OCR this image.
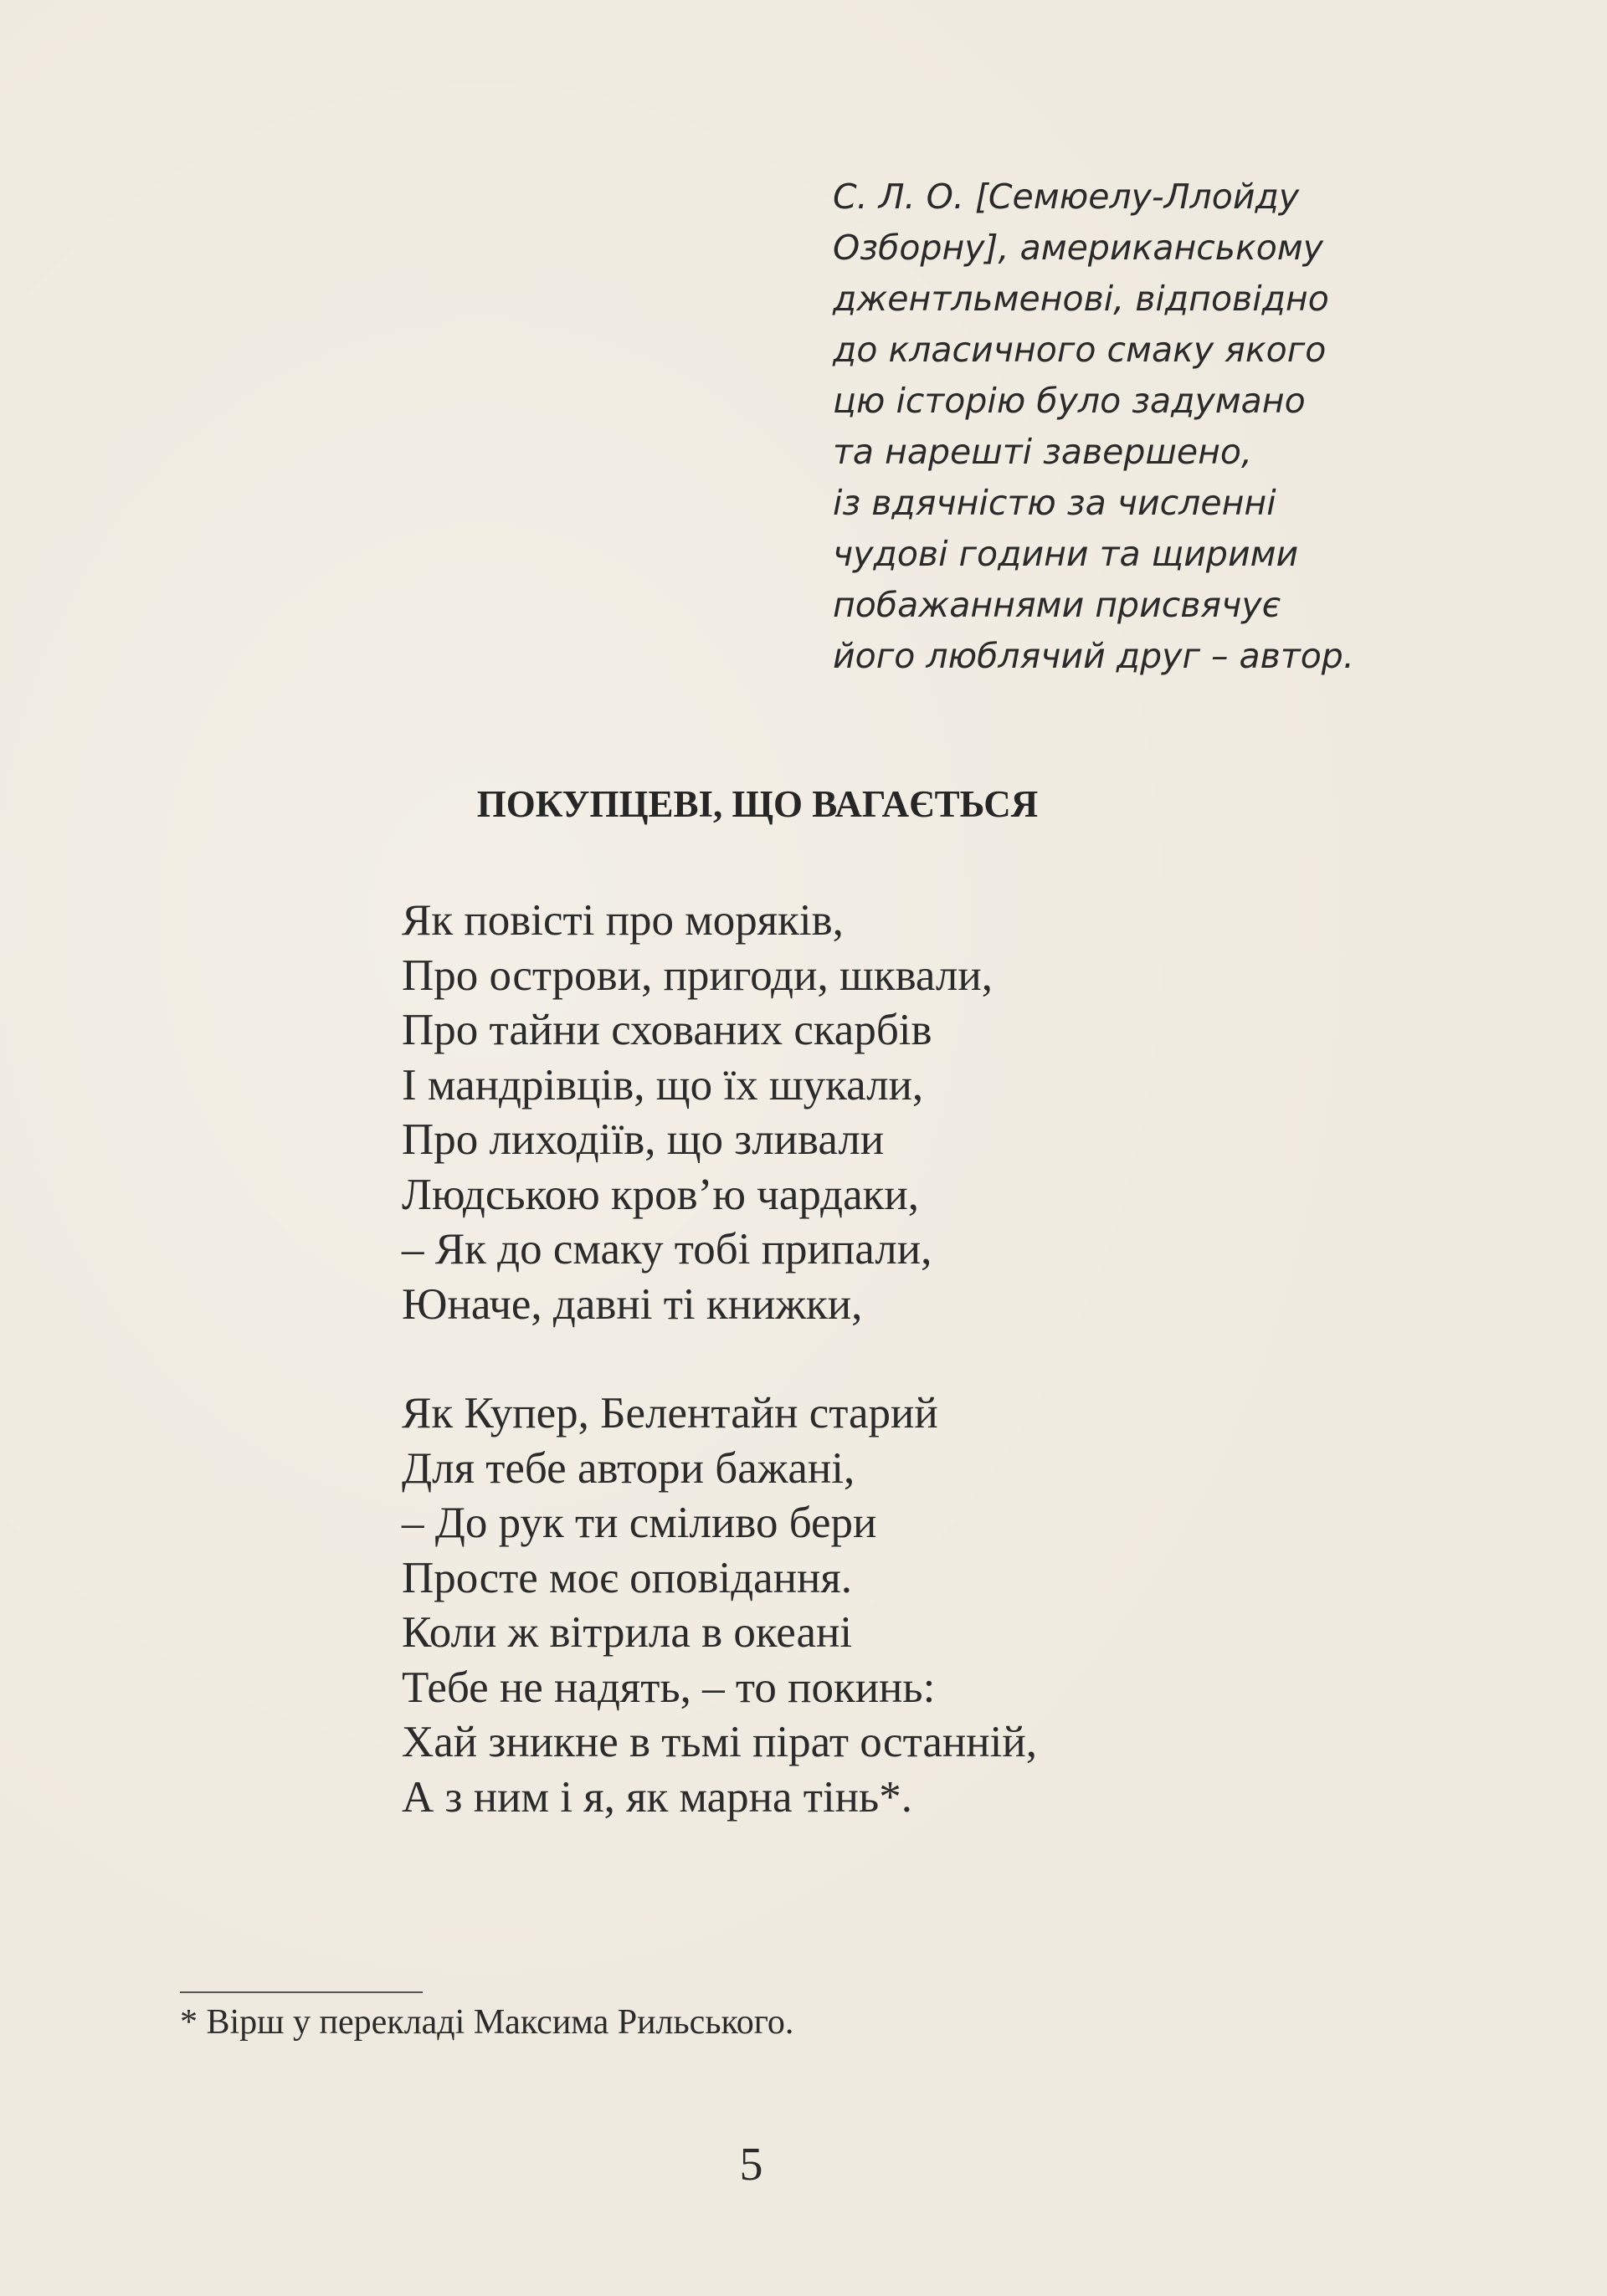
С. Л. О. [Семюелу-Ллойду
Озборну], американському
джентльменові, відповідно
до класичного смаку якого
цю історію було задумано
та нарешті завершено,
із вдячністю за численні
чудові години та щирими
побажаннями присвячує
його люблячий друг – автор.
ПОКУПЦЕВІ, ЩО ВАГАЄТЬСЯ
Як повісті про моряків,
Про острови, пригоди, шквали,
Про тайни схованих скарбів
І мандрівців, що їх шукали,
Про лиходіїв, що зливали
Людською кров’ю чардаки,
– Як до смаку тобі припали,
Юначе, давні ті книжки,
Як Купер, Белентайн старий
Для тебе автори бажані,
– До рук ти сміливо бери
Просте моє оповідання.
Коли ж вітрила в океані
Тебе не надять, – то покинь:
Хай зникне в тьмі пірат останній,
А з ним і я, як марна тінь*.
* Вірш у перекладі Максима Рильського.
5
